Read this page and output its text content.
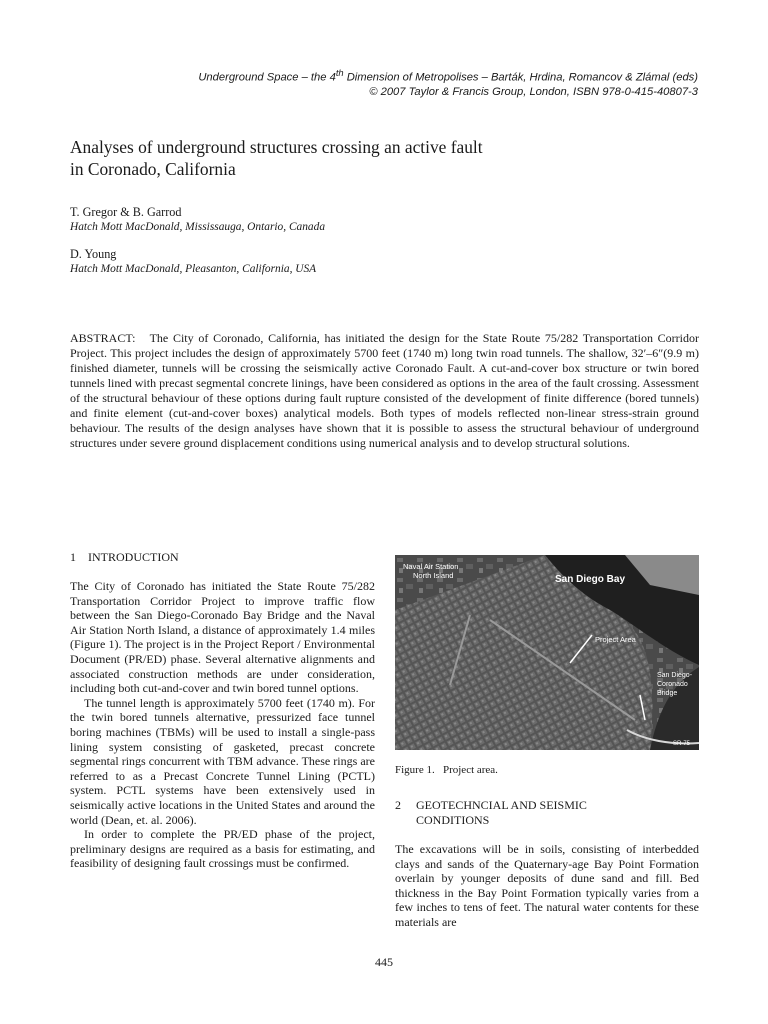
Underground Space – the 4th Dimension of Metropolises – Barták, Hrdina, Romancov & Zlámal (eds)
© 2007 Taylor & Francis Group, London, ISBN 978-0-415-40807-3
Analyses of underground structures crossing an active fault
in Coronado, California
T. Gregor & B. Garrod
Hatch Mott MacDonald, Mississauga, Ontario, Canada
D. Young
Hatch Mott MacDonald, Pleasanton, California, USA

ABSTRACT: The City of Coronado, California, has initiated the design for the State Route 75/282 Transportation Corridor Project. This project includes the design of approximately 5700 feet (1740 m) long twin road tunnels. The shallow, 32′–6″(9.9 m) finished diameter, tunnels will be crossing the seismically active Coronado Fault. A cut-and-cover box structure or twin bored tunnels lined with precast segmental concrete linings, have been considered as options in the area of the fault crossing. Assessment of the structural behaviour of these options during fault rupture consisted of the development of finite difference (bored tunnels) and finite element (cut-and-cover boxes) analytical models. Both types of models reflected non-linear stress-strain ground behaviour. The results of the design analyses have shown that it is possible to assess the structural behaviour of underground structures under severe ground displacement conditions using numerical analysis and to develop structural solutions.

1    INTRODUCTION

The City of Coronado has initiated the State Route 75/282 Transportation Corridor Project to improve traffic flow between the San Diego-Coronado Bay Bridge and the Naval Air Station North Island, a distance of approximately 1.4 miles (Figure 1). The project is in the Project Report / Environmental Document (PR/ED) phase. Several alternative alignments and associated construction methods are under consideration, including both cut-and-cover and twin bored tunnel options.

The tunnel length is approximately 5700 feet (1740 m). For the twin bored tunnels alternative, pressurized face tunnel boring machines (TBMs) will be used to install a single-pass lining system consisting of gasketed, precast concrete segmental rings concurrent with TBM advance. These rings are referred to as a Precast Concrete Tunnel Lining (PCTL) system. PCTL systems have been extensively used in seismically active locations in the United States and around the world (Dean, et. al. 2006).

In order to complete the PR/ED phase of the project, preliminary designs are required as a basis for estimating, and feasibility of designing fault crossings must be confirmed.

Naval Air Station
North Island	San Diego Bay
Project Area
San Diego-
Coronado
Bridge
SR-75
Figure 1.   Project area.
2	GEOTECHNCIAL AND SEISMIC
CONDITIONS

The excavations will be in soils, consisting of interbedded clays and sands of the Quaternary-age Bay Point Formation overlain by younger deposits of dune sand and fill. Bed thickness in the Bay Point Formation typically varies from a few inches to tens of feet. The natural water contents for these materials are

445
